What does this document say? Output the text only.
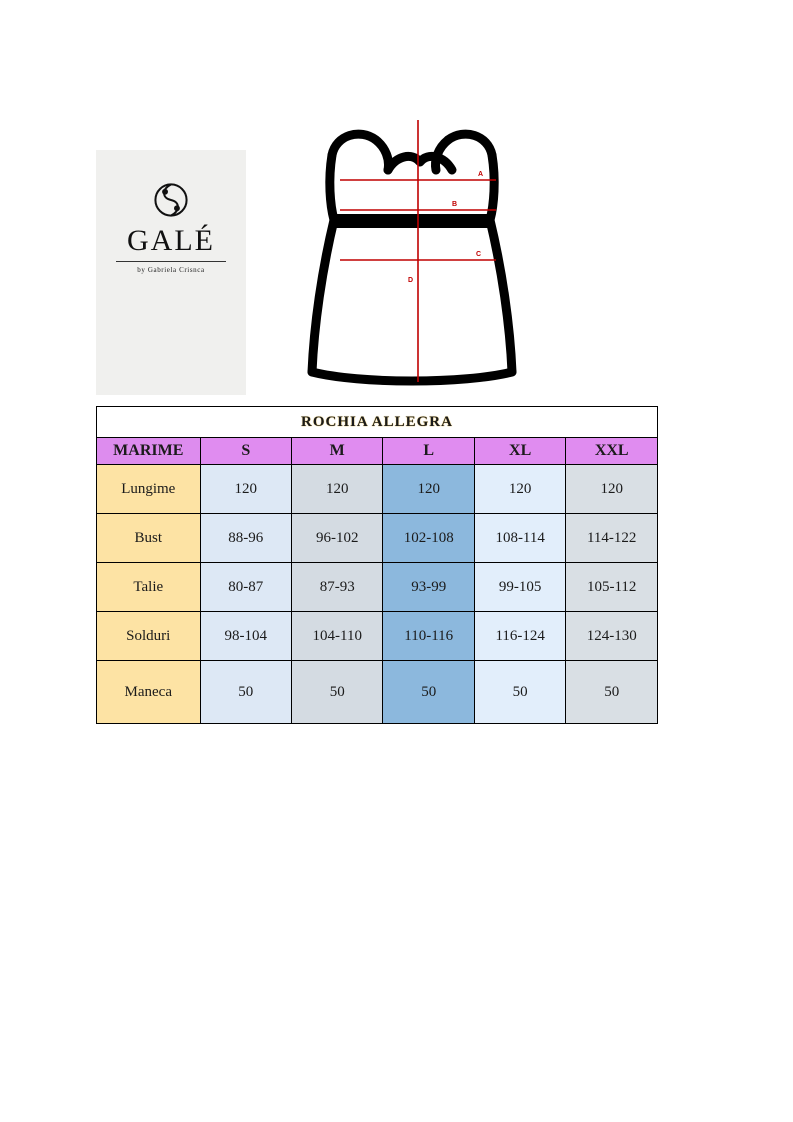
GALÉ
by Gabriela Crisnca
A
B
C
D
ROCHIA ALLEGRA					
MARIME	S	M	L	XL	XXL
Lungime	120	120	120	120	120
Bust	88-96	96-102	102-108	108-114	114-122
Talie	80-87	87-93	93-99	99-105	105-112
Solduri	98-104	104-110	110-116	116-124	124-130
Maneca	50	50	50	50	50
